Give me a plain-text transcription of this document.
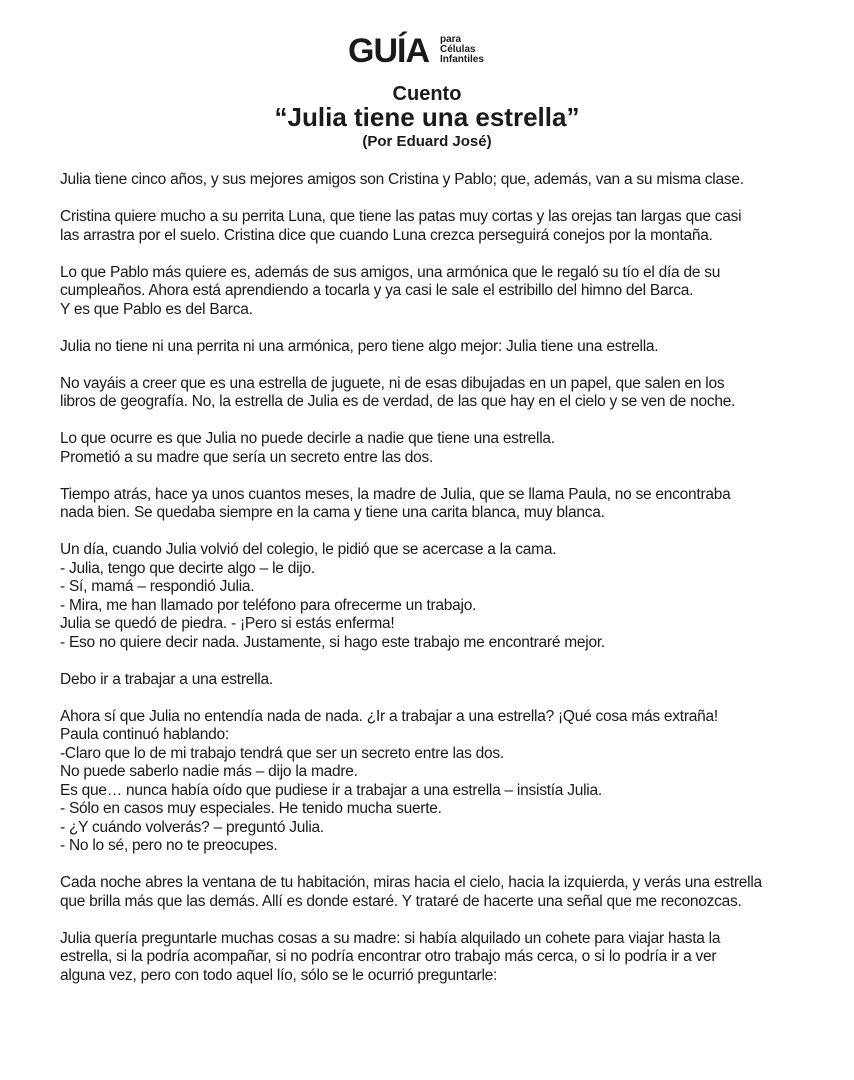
GUÍA para
Células
Infantiles
Cuento
“Julia tiene una estrella”
(Por Eduard José)
Julia tiene cinco años, y sus mejores amigos son Cristina y Pablo; que, además, van a su misma clase.
Cristina quiere mucho a su perrita Luna, que tiene las patas muy cortas y las orejas tan largas que casi
las arrastra por el suelo. Cristina dice que cuando Luna crezca perseguirá conejos por la montaña.
Lo que Pablo más quiere es, además de sus amigos, una armónica que le regaló su tío el día de su
cumpleaños. Ahora está aprendiendo a tocarla y ya casi le sale el estribillo del himno del Barca.
Y es que Pablo es del Barca.
Julia no tiene ni una perrita ni una armónica, pero tiene algo mejor: Julia tiene una estrella.
No vayáis a creer que es una estrella de juguete, ni de esas dibujadas en un papel, que salen en los
libros de geografía. No, la estrella de Julia es de verdad, de las que hay en el cielo y se ven de noche.
Lo que ocurre es que Julia no puede decirle a nadie que tiene una estrella.
Prometió a su madre que sería un secreto entre las dos.
Tiempo atrás, hace ya unos cuantos meses, la madre de Julia, que se llama Paula, no se encontraba
nada bien. Se quedaba siempre en la cama y tiene una carita blanca, muy blanca.
Un día, cuando Julia volvió del colegio, le pidió que se acercase a la cama.
- Julia, tengo que decirte algo – le dijo.
- Sí, mamá – respondió Julia.
- Mira, me han llamado por teléfono para ofrecerme un trabajo.
Julia se quedó de piedra. - ¡Pero si estás enferma!
- Eso no quiere decir nada. Justamente, si hago este trabajo me encontraré mejor.
Debo ir a trabajar a una estrella.
Ahora sí que Julia no entendía nada de nada. ¿Ir a trabajar a una estrella? ¡Qué cosa más extraña!
Paula continuó hablando:
-Claro que lo de mi trabajo tendrá que ser un secreto entre las dos.
No puede saberlo nadie más – dijo la madre.
Es que… nunca había oído que pudiese ir a trabajar a una estrella – insistía Julia.
- Sólo en casos muy especiales. He tenido mucha suerte.
- ¿Y cuándo volverás? – preguntó Julia.
- No lo sé, pero no te preocupes.
Cada noche abres la ventana de tu habitación, miras hacia el cielo, hacia la izquierda, y verás una estrella
que brilla más que las demás. Allí es donde estaré. Y trataré de hacerte una señal que me reconozcas.
Julia quería preguntarle muchas cosas a su madre: si había alquilado un cohete para viajar hasta la
estrella, si la podría acompañar, si no podría encontrar otro trabajo más cerca, o si lo podría ir a ver
alguna vez, pero con todo aquel lío, sólo se le ocurrió preguntarle:
